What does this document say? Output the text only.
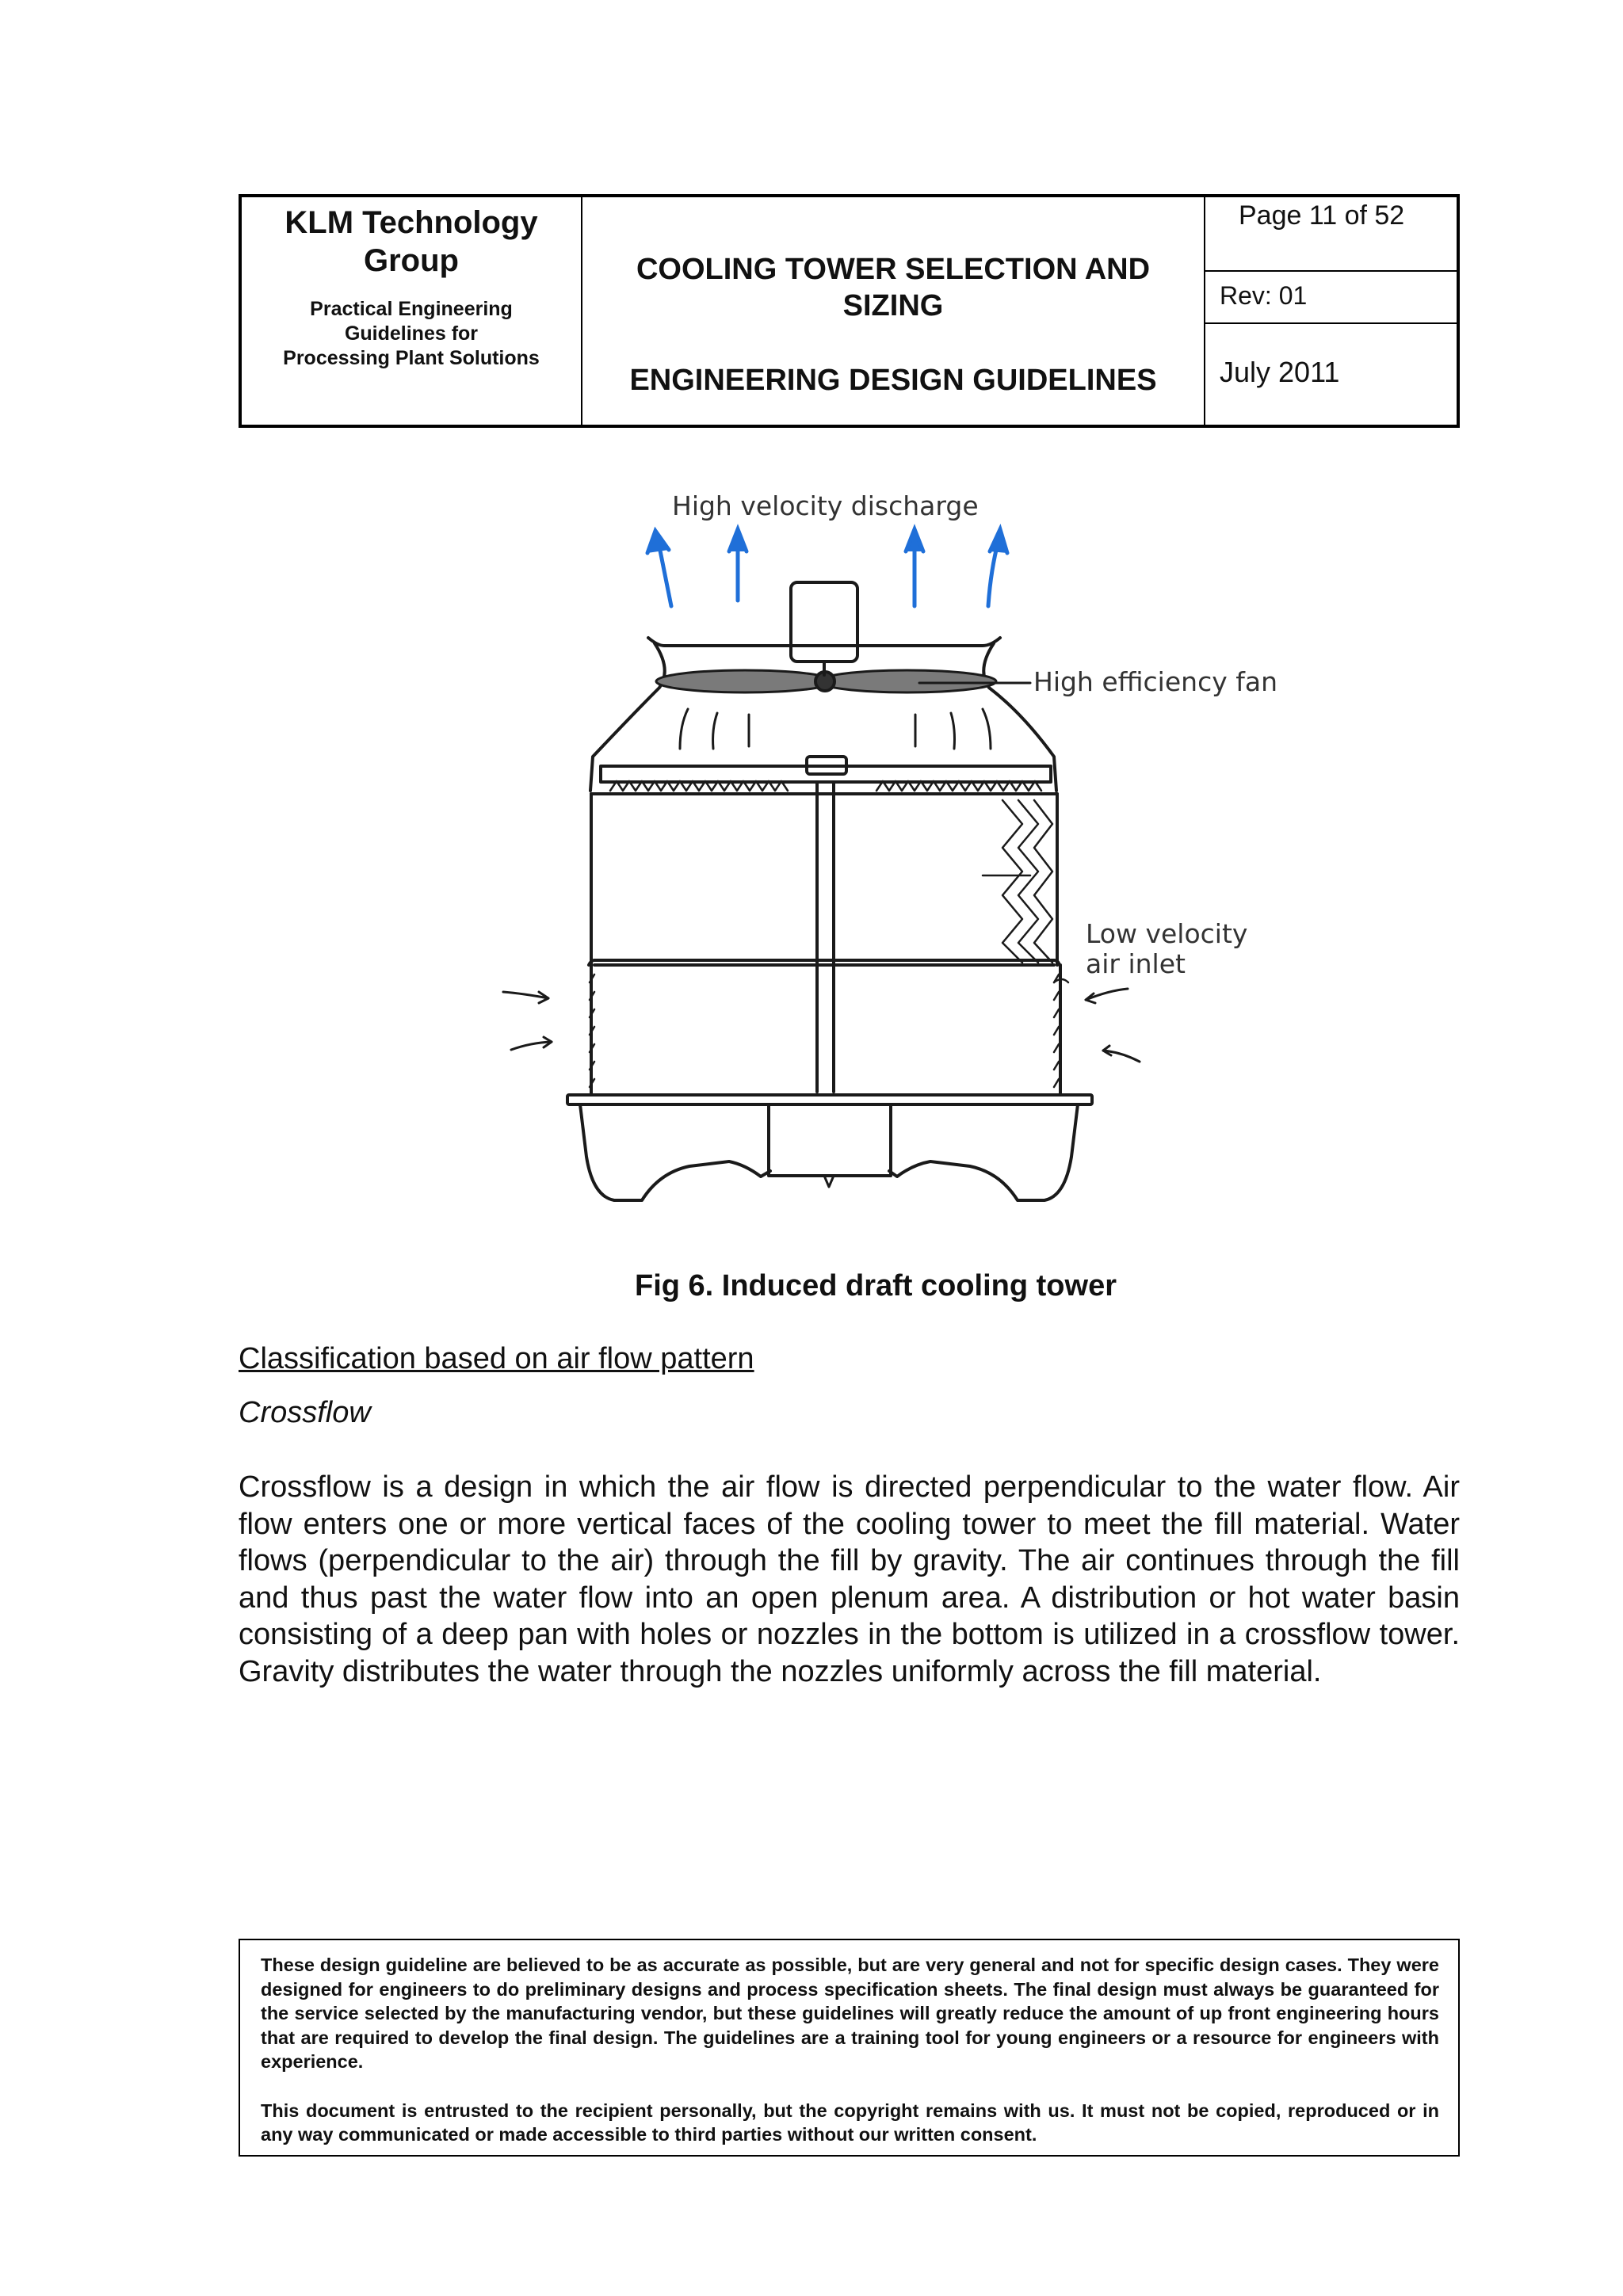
KLM Technology Group
Practical Engineering
Guidelines for
Processing Plant Solutions
COOLING TOWER SELECTION AND SIZING
ENGINEERING DESIGN GUIDELINES
Page 11 of 52
Rev: 01
July 2011
High velocity discharge
High efficiency fan
Low velocity
air inlet
Fig 6. Induced draft cooling tower
Classification based on air flow pattern
Crossflow

Crossflow is a design in which the air flow is directed perpendicular to the water flow. Air flow enters one or more vertical faces of the cooling tower to meet the fill material. Water flows (perpendicular to the air) through the fill by gravity. The air continues through the fill and thus past the water flow into an open plenum area. A distribution or hot water basin consisting of a deep pan with holes or nozzles in the bottom is utilized in a crossflow tower. Gravity distributes the water through the nozzles uniformly across the fill material.

These design guideline are believed to be as accurate as possible, but are very general and not for specific design cases. They were designed for engineers to do preliminary designs and process specification sheets. The final design must always be guaranteed for the service selected by the manufacturing vendor, but these guidelines will greatly reduce the amount of up front engineering hours that are required to develop the final design. The guidelines are a training tool for young engineers or a resource for engineers with experience.

This document is entrusted to the recipient personally, but the copyright remains with us. It must not be copied, reproduced or in any way communicated or made accessible to third parties without our written consent.
